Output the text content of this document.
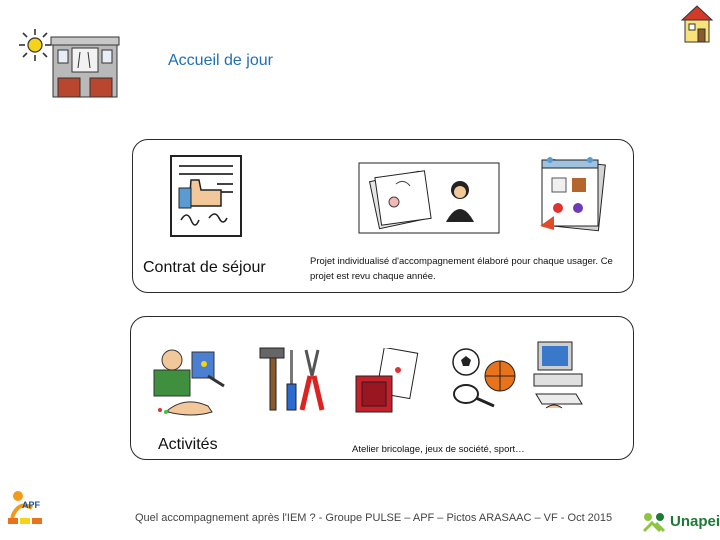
Accueil de jour
Contrat de séjour	Projet individualisé d'accompagnement élaboré pour chaque usager. Ce projet est revu chaque année.
Activités	Atelier bricolage, jeux de société, sport…
APF
Quel accompagnement après l'IEM ? - Groupe PULSE – APF – Pictos ARASAAC – VF - Oct 2015	Unapei
